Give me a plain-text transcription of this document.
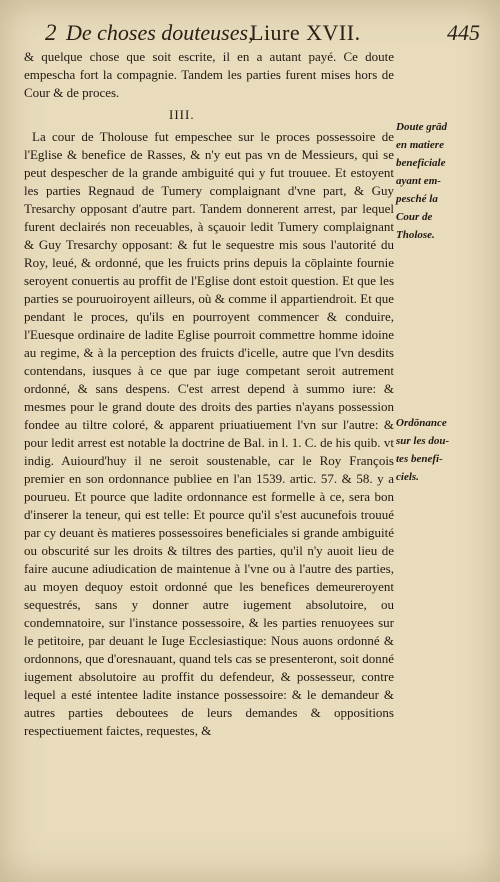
2 De choses douteuses,
Liure XVII.	445

& quelque chose que soit escrite, il en a autant payé. Ce doute empescha fort la compagnie. Tandem les parties furent mises hors de Cour & de proces.

IIII.

La cour de Tholouse fut empeschee sur le proces possessoire de l'Eglise & benefice de Rasses, & n'y eut pas vn de Messieurs, qui se peut despescher de la grande ambiguité qui y fut trouuee. Et estoyent les parties Regnaud de Tumery complaignant d'vne part, & Guy Tresarchy opposant d'autre part. Tandem donnerent arrest, par lequel furent declairés non receuables, à sçauoir ledit Tumery complaignant & Guy Tresarchy opposant: & fut le sequestre mis sous l'autorité du Roy, leué, & ordonné, que les fruicts prins depuis la cōplainte fournie seroyent conuertis au proffit de l'Eglise dont estoit question. Et que les parties se pouruoiroyent ailleurs, où & comme il appartiendroit. Et que pendant le proces, qu'ils en pourroyent commencer & conduire, l'Euesque ordinaire de ladite Eglise pourroit commettre homme idoine au regime, & à la perception des fruicts d'icelle, autre que l'vn desdits contendans, iusques à ce que par iuge competant seroit autrement ordonné, & sans despens. C'est arrest depend à summo iure: & mesmes pour le grand doute des droits des parties n'ayans possession fondee au tiltre coloré, & apparent priuatiuement l'vn sur l'autre: & pour ledit arrest est notable la doctrine de Bal. in l. 1. C. de his quib. vt indig. Auiourd'huy il ne seroit soustenable, car le Roy François premier en son ordonnance publiee en l'an 1539. artic. 57. & 58. y a pourueu. Et pource que ladite ordonnance est formelle à ce, sera bon d'inserer la teneur, qui est telle: Et pource qu'il s'est aucunefois trouué par cy deuant ès matieres possessoires beneficiales si grande ambiguité ou obscurité sur les droits & tiltres des parties, qu'il n'y auoit lieu de faire aucune adiudication de maintenue à l'vne ou à l'autre des parties, au moyen dequoy estoit ordonné que les benefices demeureroyent sequestrés, sans y donner autre iugement absolutoire, ou condemnatoire, sur l'instance possessoire, & les parties renuoyees sur le petitoire, par deuant le Iuge Ecclesiastique: Nous auons ordonné & ordonnons, que d'oresnauant, quand tels cas se presenteront, soit donné iugement absolutoire au proffit du defendeur, & possesseur, contre lequel a esté intentee ladite instance possessoire: & le demandeur & autres parties deboutees de leurs demandes & oppositions respectiuement faictes, requestes, &

Doute grād
en matiere
beneficiale
ayant em-
pesché la
Cour de
Tholose.
Ordōnance
sur les dou-
tes benefi-
ciels.
